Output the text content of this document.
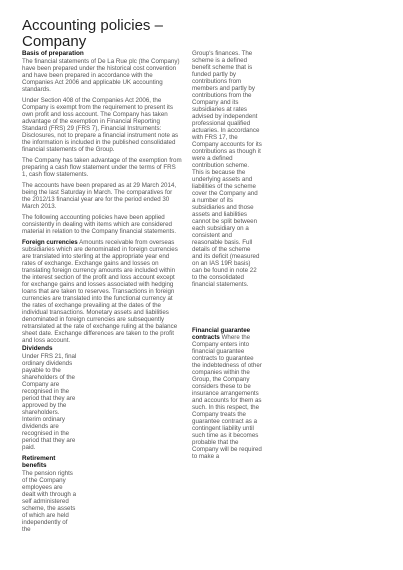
Accounting policies –
Company
Basis of preparation

The financial statements of De La Rue plc (the Company) have been prepared under the historical cost convention and have been prepared in accordance with the Companies Act 2006 and applicable UK accounting standards.

Under Section 408 of the Companies Act 2006, the Company is exempt from the requirement to present its own profit and loss account. The Company has taken advantage of the exemption in Financial Reporting Standard (FRS) 29 (FRS 7), Financial Instruments: Disclosures, not to prepare a financial instrument note as the information is included in the published consolidated financial statements of the Group.

The Company has taken advantage of the exemption from preparing a cash flow statement under the terms of FRS 1, cash flow statements.

The accounts have been prepared as at 29 March 2014, being the last Saturday in March. The comparatives for the 2012/13 financial year are for the period ended 30 March 2013.

The following accounting policies have been applied consistently in dealing with items which are considered material in relation to the Company financial statements.

Foreign currencies Amounts receivable from overseas subsidiaries which are denominated in foreign currencies are translated into sterling at the appropriate year end rates of exchange. Exchange gains and losses on translating foreign currency amounts are included within the interest section of the profit and loss account except for exchange gains and losses associated with hedging loans that are taken to reserves. Transactions in foreign currencies are translated into the functional currency at the rates of exchange prevailing at the dates of the individual transactions. Monetary assets and liabilities denominated in foreign currencies are subsequently retranslated at the rate of exchange ruling at the balance sheet date. Exchange differences are taken to the profit and loss account.

Dividends

Under FRS 21, final ordinary dividends payable to the shareholders of the Company are recognised in the period that they are approved by the shareholders. Interim ordinary dividends are recognised in the period that they are paid.

Retirement benefits

The pension rights of the Company employees are dealt with through a self administered scheme, the assets of which are held independently of the

Group's finances. The scheme is a defined benefit scheme that is funded partly by contributions from members and partly by contributions from the Company and its subsidiaries at rates advised by independent professional qualified actuaries. In accordance with FRS 17, the Company accounts for its contributions as though it were a defined contribution scheme. This is because the underlying assets and liabilities of the scheme cover the Company and a number of its subsidiaries and those assets and liabilities cannot be split between each subsidiary on a consistent and reasonable basis. Full details of the scheme and its deficit (measured on an IAS 19R basis) can be found in note 22 to the consolidated financial statements.

Financial guarantee contracts Where the Company enters into financial guarantee contracts to guarantee the indebtedness of other companies within the Group, the Company considers these to be insurance arrangements and accounts for them as such. In this respect, the Company treats the guarantee contract as a contingent liability until such time as it becomes probable that the Company will be required to make a
